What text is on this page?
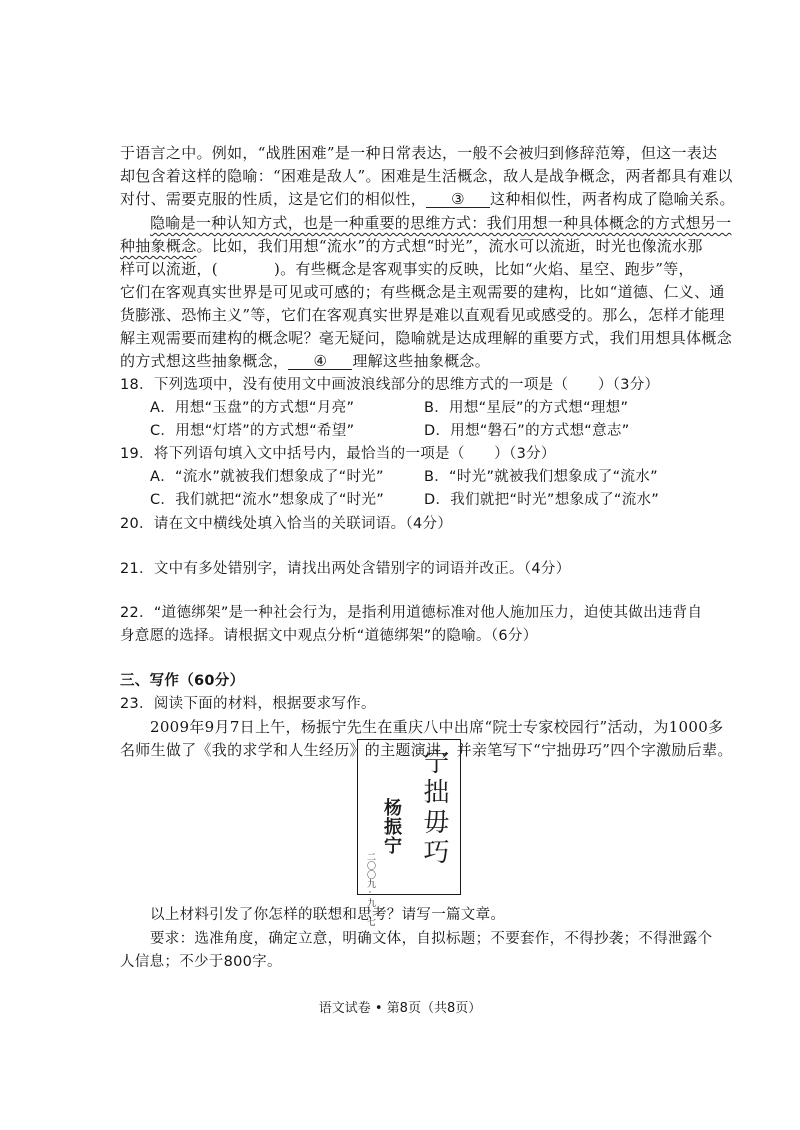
于语言之中。例如，“战胜困难”是一种日常表达，一般不会被归到修辞范筹，但这一表达
却包含着这样的隐喻：“困难是敌人”。困难是生活概念，敌人是战争概念，两者都具有难以
对付、需要克服的性质，这是它们的相似性， ③ 这种相似性，两者构成了隐喻关系。
隐喻是一种认知方式，也是一种重要的思维方式：我们用想一种具体概念的方式想另一
种抽象概念。比如，我们用想“流水”的方式想“时光”，流水可以流逝，时光也像流水那
样可以流逝，(	)。有些概念是客观事实的反映，比如“火焰、星空、跑步”等，
它们在客观真实世界是可见或可感的；有些概念是主观需要的建构，比如“道德、仁义、通
货膨涨、恐怖主义”等，它们在客观真实世界是难以直观看见或感受的。那么，怎样才能理
解主观需要而建构的概念呢？毫无疑问，隐喻就是达成理解的重要方式，我们用想具体概念
的方式想这些抽象概念， ④ 理解这些抽象概念。
18．下列选项中，没有使用文中画波浪线部分的思维方式的一项是（　　）（3分）
A．用想“玉盘”的方式想“月亮”	B．用想“星辰”的方式想“理想”
C．用想“灯塔”的方式想“希望”	D．用想“磐石”的方式想“意志”
19．将下列语句填入文中括号内，最恰当的一项是（　　）（3分）
A．“流水”就被我们想象成了“时光”	B．“时光”就被我们想象成了“流水”
C．我们就把“流水”想象成了“时光”	D．我们就把“时光”想象成了“流水”
20．请在文中横线处填入恰当的关联词语。（4分）
21．文中有多处错别字，请找出两处含错别字的词语并改正。（4分）
22．“道德绑架”是一种社会行为，是指利用道德标准对他人施加压力，迫使其做出违背自
身意愿的选择。请根据文中观点分析“道德绑架”的隐喻。（6分）
三、写作（60分）
23．阅读下面的材料，根据要求写作。
2009年9月7日上午，杨振宁先生在重庆八中出席“院士专家校园行”活动，为1000多
名师生做了《我的求学和人生经历》的主题演讲，并亲笔写下“宁拙毋巧”四个字激励后辈。
宁拙毋巧
杨振宁
二〇〇九·九·七
以上材料引发了你怎样的联想和思考？请写一篇文章。
要求：选准角度，确定立意，明确文体，自拟标题；不要套作，不得抄袭；不得泄露个
人信息；不少于800字。
语文试卷 • 第8页（共8页）
